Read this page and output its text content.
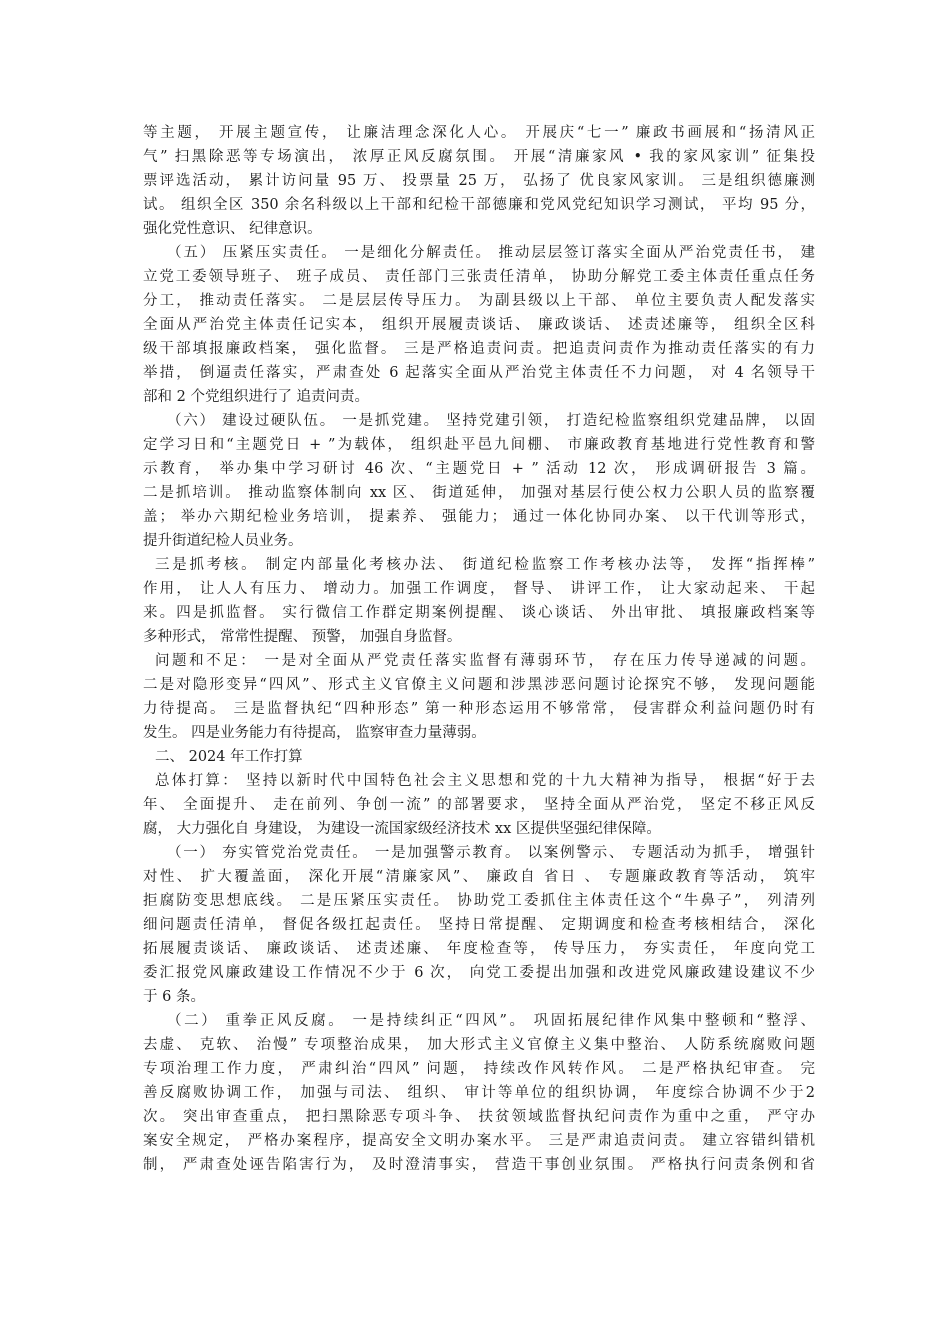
等主题， 开展主题宣传， 让廉洁理念深化人心。 开展庆“七一” 廉政书画展和“扬清风正
气” 扫黑除恶等专场演出， 浓厚正风反腐氛围。 开展“清廉家风 • 我的家风家训” 征集投
票评选活动， 累计访问量 95 万、 投票量 25 万， 弘扬了 优良家风家训。 三是组织德廉测
试。 组织全区 350 余名科级以上干部和纪检干部德廉和党风党纪知识学习测试， 平均 95 分，
强化党性意识、 纪律意识。
（五） 压紧压实责任。 一是细化分解责任。 推动层层签订落实全面从严治党责任书， 建
立党工委领导班子、 班子成员、 责任部门三张责任清单， 协助分解党工委主体责任重点任务
分工， 推动责任落实。 二是层层传导压力。 为副县级以上干部、 单位主要负责人配发落实
全面从严治党主体责任记实本， 组织开展履责谈话、 廉政谈话、 述责述廉等， 组织全区科
级干部填报廉政档案， 强化监督。 三是严格追责问责。把追责问责作为推动责任落实的有力
举措， 倒逼责任落实，严肃查处 6 起落实全面从严治党主体责任不力问题， 对 4 名领导干
部和 2 个党组织进行了 追责问责。
（六） 建设过硬队伍。 一是抓党建。 坚持党建引领， 打造纪检监察组织党建品牌， 以固
定学习日和“主题党日 + ”为载体， 组织赴平邑九间棚、 市廉政教育基地进行党性教育和警
示教育， 举办集中学习研讨 46 次、“主题党日 + ” 活动 12 次， 形成调研报告 3 篇。
二是抓培训。 推动监察体制向 xx 区、 街道延伸， 加强对基层行使公权力公职人员的监察覆
盖； 举办六期纪检业务培训， 提素养、 强能力； 通过一体化协同办案、 以干代训等形式，
提升街道纪检人员业务。
三是抓考核。 制定内部量化考核办法、 街道纪检监察工作考核办法等， 发挥“指挥棒”
作用， 让人人有压力、 增动力。加强工作调度， 督导、 讲评工作， 让大家动起来、 干起
来。四是抓监督。 实行微信工作群定期案例提醒、 谈心谈话、 外出审批、 填报廉政档案等
多种形式， 常常性提醒、 预警， 加强自身监督。
问题和不足： 一是对全面从严党责任落实监督有薄弱环节， 存在压力传导递减的问题。
二是对隐形变异“四风”、形式主义官僚主义问题和涉黑涉恶问题讨论探究不够， 发现问题能
力待提高。 三是监督执纪“四种形态” 第一种形态运用不够常常， 侵害群众利益问题仍时有
发生。 四是业务能力有待提高， 监察审查力量薄弱。
二、 2024 年工作打算
总体打算： 坚持以新时代中国特色社会主义思想和党的十九大精神为指导， 根据“好于去
年、 全面提升、 走在前列、争创一流” 的部署要求， 坚持全面从严治党， 坚定不移正风反
腐， 大力强化自 身建设， 为建设一流国家级经济技术 xx 区提供坚强纪律保障。
（一） 夯实管党治党责任。 一是加强警示教育。 以案例警示、 专题活动为抓手， 增强针
对性、 扩大覆盖面， 深化开展“清廉家风”、 廉政自 省日 、 专题廉政教育等活动， 筑牢
拒腐防变思想底线。 二是压紧压实责任。 协助党工委抓住主体责任这个“牛鼻子”， 列清列
细问题责任清单， 督促各级扛起责任。 坚持日常提醒、 定期调度和检查考核相结合， 深化
拓展履责谈话、 廉政谈话、 述责述廉、 年度检查等， 传导压力， 夯实责任， 年度向党工
委汇报党风廉政建设工作情况不少于 6 次， 向党工委提出加强和改进党风廉政建设建议不少
于 6 条。
（二） 重拳正风反腐。 一是持续纠正“四风”。 巩固拓展纪律作风集中整顿和“整浮、
去虚、 克软、 治慢” 专项整治成果， 加大形式主义官僚主义集中整治、 人防系统腐败问题
专项治理工作力度， 严肃纠治“四风” 问题， 持续改作风转作风。 二是严格执纪审查。 完
善反腐败协调工作， 加强与司法、 组织、 审计等单位的组织协调， 年度综合协调不少于2
次。 突出审查重点， 把扫黑除恶专项斗争、 扶贫领域监督执纪问责作为重中之重， 严守办
案安全规定， 严格办案程序，提高安全文明办案水平。 三是严肃追责问责。 建立容错纠错机
制， 严肃查处诬告陷害行为， 及时澄清事实， 营造干事创业氛围。 严格执行问责条例和省
